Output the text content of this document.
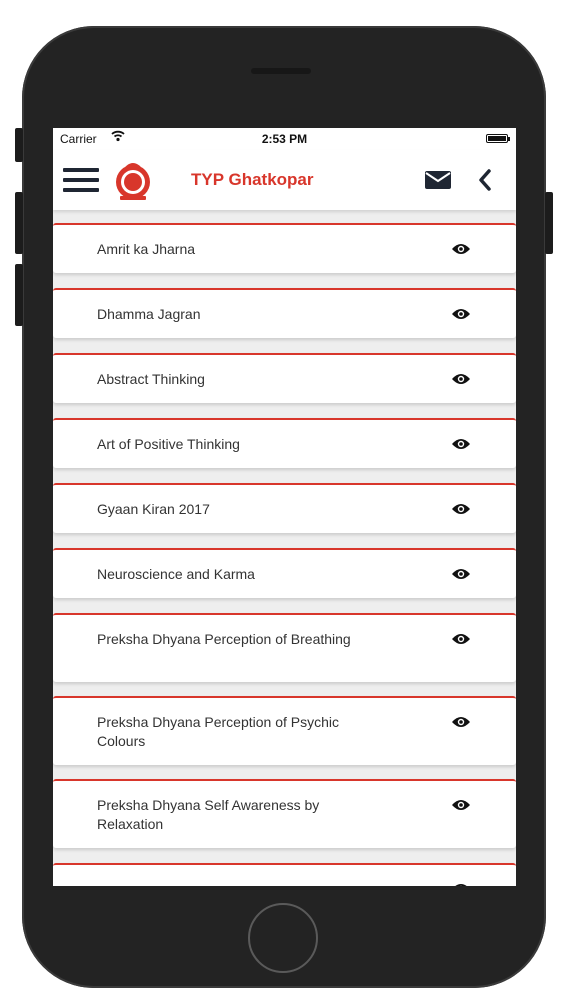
Carrier	2:53 PM
TYP Ghatkopar
Amrit ka Jharna
Dhamma Jagran
Abstract Thinking
Art of Positive Thinking
Gyaan Kiran 2017
Neuroscience and Karma
Preksha Dhyana Perception of Breathing
Preksha Dhyana Perception of Psychic Colours
Preksha Dhyana Self Awareness by Relaxation
